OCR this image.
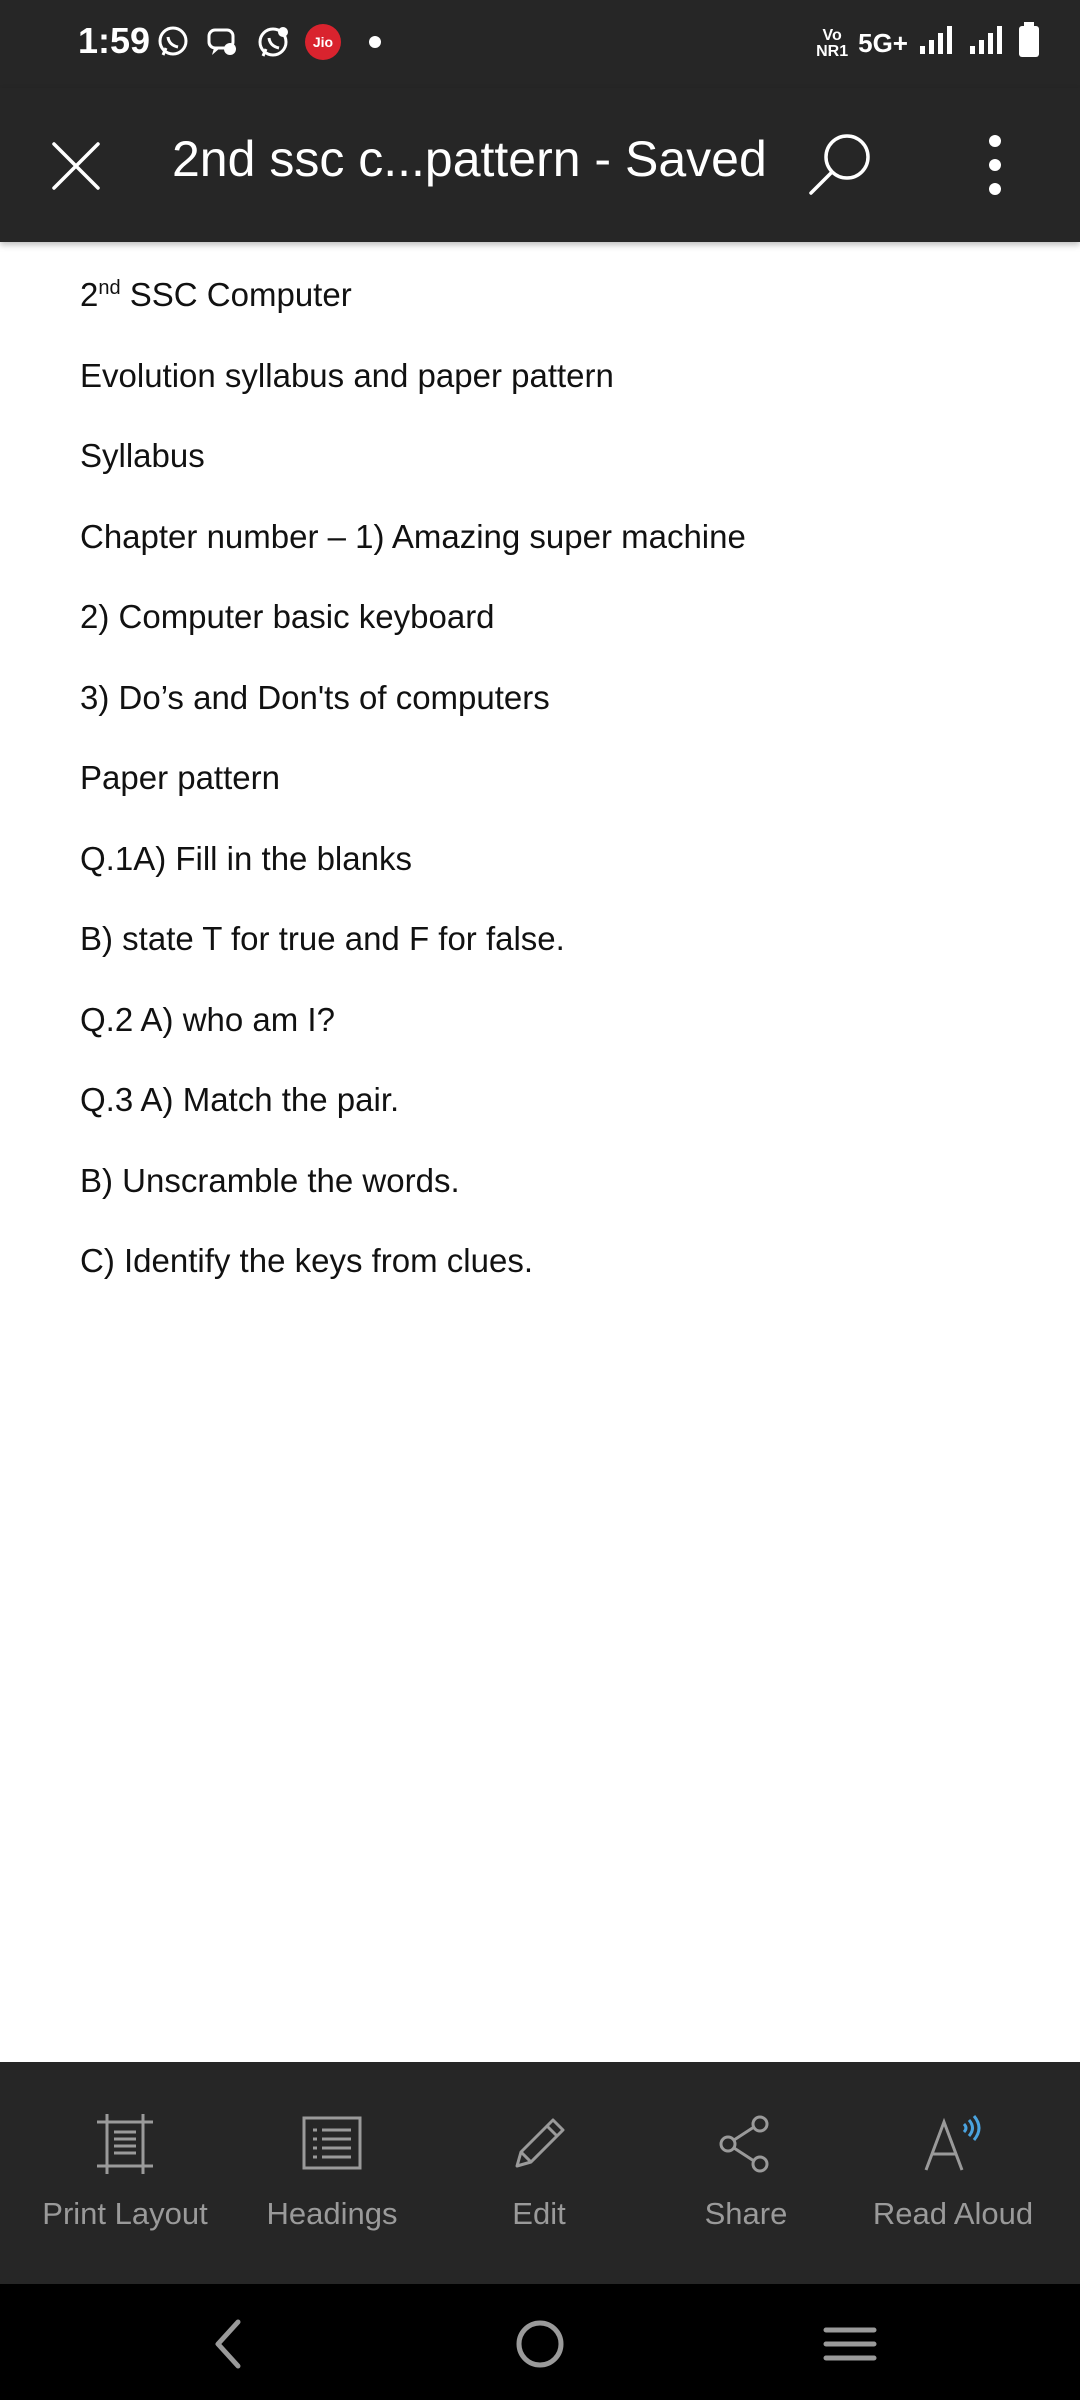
1:59	Jio	Vo
NR1 5G+
2nd ssc c...pattern - Saved
2nd SSC Computer
Evolution syllabus and paper pattern
Syllabus
Chapter number – 1) Amazing super machine
2) Computer basic keyboard
3) Do’s and Don'ts of computers
Paper pattern
Q.1A) Fill in the blanks
B) state T for true and F for false.
Q.2 A) who am I?
Q.3 A) Match the pair.
B) Unscramble the words.
C) Identify the keys from clues.
Print Layout	Headings	Edit	Share	Read Aloud
